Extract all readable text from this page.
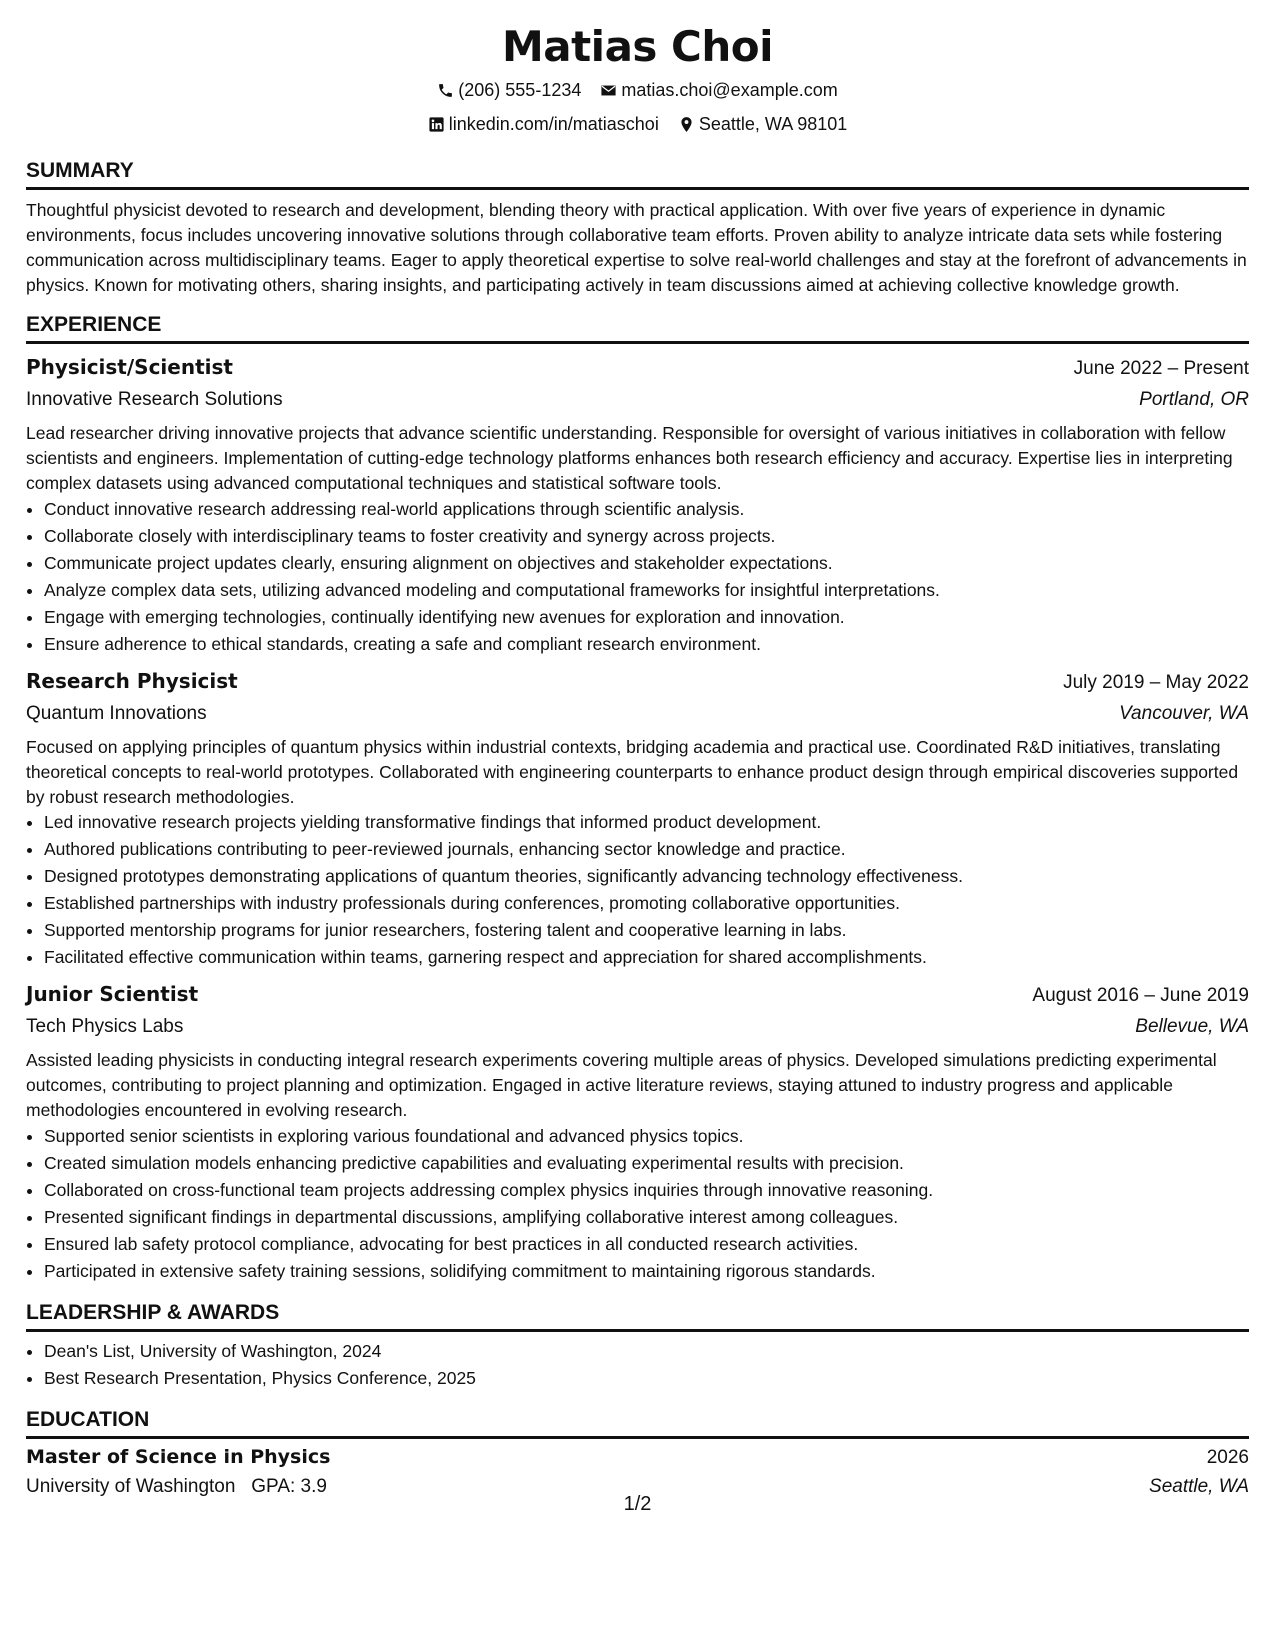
Matias Choi
(206) 555-1234
matias.choi@example.com
linkedin.com/in/matiaschoi
Seattle, WA 98101
SUMMARY

Thoughtful physicist devoted to research and development, blending theory with practical application. With over five years of experience in dynamic environments, focus includes uncovering innovative solutions through collaborative team efforts. Proven ability to analyze intricate data sets while fostering communication across multidisciplinary teams. Eager to apply theoretical expertise to solve real-world challenges and stay at the forefront of advancements in physics. Known for motivating others, sharing insights, and participating actively in team discussions aimed at achieving collective knowledge growth.

EXPERIENCE
Physicist/Scientist	June 2022 – Present
Innovative Research Solutions	Portland, OR

Lead researcher driving innovative projects that advance scientific understanding. Responsible for oversight of various initiatives in collaboration with fellow scientists and engineers. Implementation of cutting-edge technology platforms enhances both research efficiency and accuracy. Expertise lies in interpreting complex datasets using advanced computational techniques and statistical software tools.

• Conduct innovative research addressing real-world applications through scientific analysis.
• Collaborate closely with interdisciplinary teams to foster creativity and synergy across projects.
• Communicate project updates clearly, ensuring alignment on objectives and stakeholder expectations.
• Analyze complex data sets, utilizing advanced modeling and computational frameworks for insightful interpretations.
• Engage with emerging technologies, continually identifying new avenues for exploration and innovation.
• Ensure adherence to ethical standards, creating a safe and compliant research environment.
Research Physicist	July 2019 – May 2022
Quantum Innovations	Vancouver, WA

Focused on applying principles of quantum physics within industrial contexts, bridging academia and practical use. Coordinated R&D initiatives, translating theoretical concepts to real-world prototypes. Collaborated with engineering counterparts to enhance product design through empirical discoveries supported by robust research methodologies.

• Led innovative research projects yielding transformative findings that informed product development.
• Authored publications contributing to peer-reviewed journals, enhancing sector knowledge and practice.
• Designed prototypes demonstrating applications of quantum theories, significantly advancing technology effectiveness.
• Established partnerships with industry professionals during conferences, promoting collaborative opportunities.
• Supported mentorship programs for junior researchers, fostering talent and cooperative learning in labs.
• Facilitated effective communication within teams, garnering respect and appreciation for shared accomplishments.
Junior Scientist	August 2016 – June 2019
Tech Physics Labs	Bellevue, WA

Assisted leading physicists in conducting integral research experiments covering multiple areas of physics. Developed simulations predicting experimental outcomes, contributing to project planning and optimization. Engaged in active literature reviews, staying attuned to industry progress and applicable methodologies encountered in evolving research.

• Supported senior scientists in exploring various foundational and advanced physics topics.
• Created simulation models enhancing predictive capabilities and evaluating experimental results with precision.
• Collaborated on cross-functional team projects addressing complex physics inquiries through innovative reasoning.
• Presented significant findings in departmental discussions, amplifying collaborative interest among colleagues.
• Ensured lab safety protocol compliance, advocating for best practices in all conducted research activities.
• Participated in extensive safety training sessions, solidifying commitment to maintaining rigorous standards.
LEADERSHIP & AWARDS
• Dean's List, University of Washington, 2024
• Best Research Presentation, Physics Conference, 2025
EDUCATION
Master of Science in Physics	2026
University of Washington GPA: 3.9	Seattle, WA
1/2
